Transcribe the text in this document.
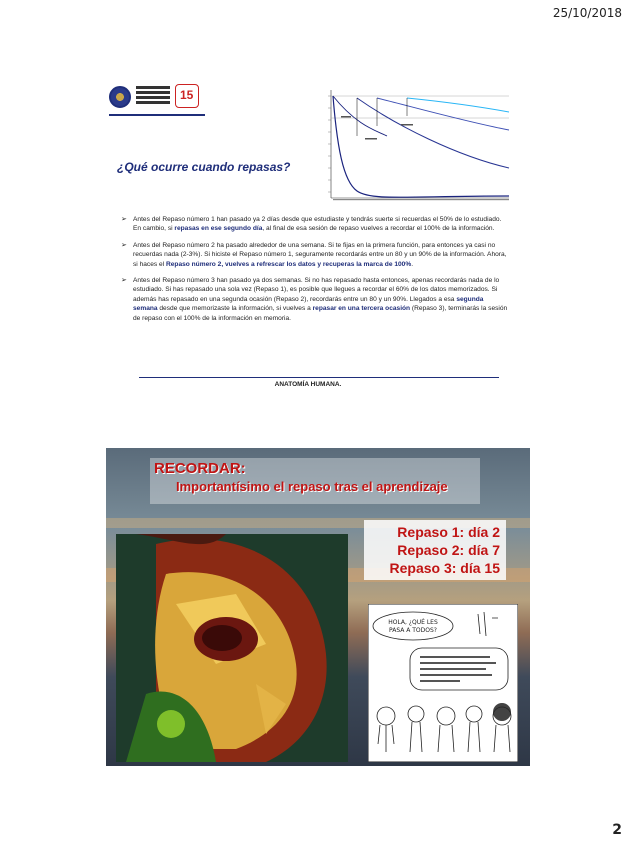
25/10/2018
15
¿Qué ocurre cuando repasas?
➢ Antes del Repaso número 1 han pasado ya 2 días desde que estudiaste y tendrás suerte si recuerdas el 50% de lo estudiado. En cambio, si repasas en ese segundo día, al final de esa sesión de repaso vuelves a recordar el 100% de la información.
➢ Antes del Repaso número 2 ha pasado alrededor de una semana. Si te fijas en la primera función, para entonces ya casi no recuerdas nada (2-3%). Si hiciste el Repaso número 1, seguramente recordarás entre un 80 y un 90% de la información. Ahora, si haces el Repaso número 2, vuelves a refrescar los datos y recuperas la marca de 100%.
➢ Antes del Repaso número 3 han pasado ya dos semanas. Si no has repasado hasta entonces, apenas recordarás nada de lo estudiado. Si has repasado una sola vez (Repaso 1), es posible que llegues a recordar el 60% de los datos memorizados. Si además has repasado en una segunda ocasión (Repaso 2), recordarás entre un 80 y un 90%. Llegados a esa segunda semana desde que memorizaste la información, si vuelves a repasar en una tercera ocasión (Repaso 3), terminarás la sesión de repaso con el 100% de la información en memoria.
ANATOMÍA HUMANA.
RECORDAR:
Importantísimo el repaso tras el aprendizaje
Repaso 1: día 2
Repaso 2: día 7
Repaso 3: día 15
HOLA, ¿QUÉ LES
PASA A TODOS?
2
